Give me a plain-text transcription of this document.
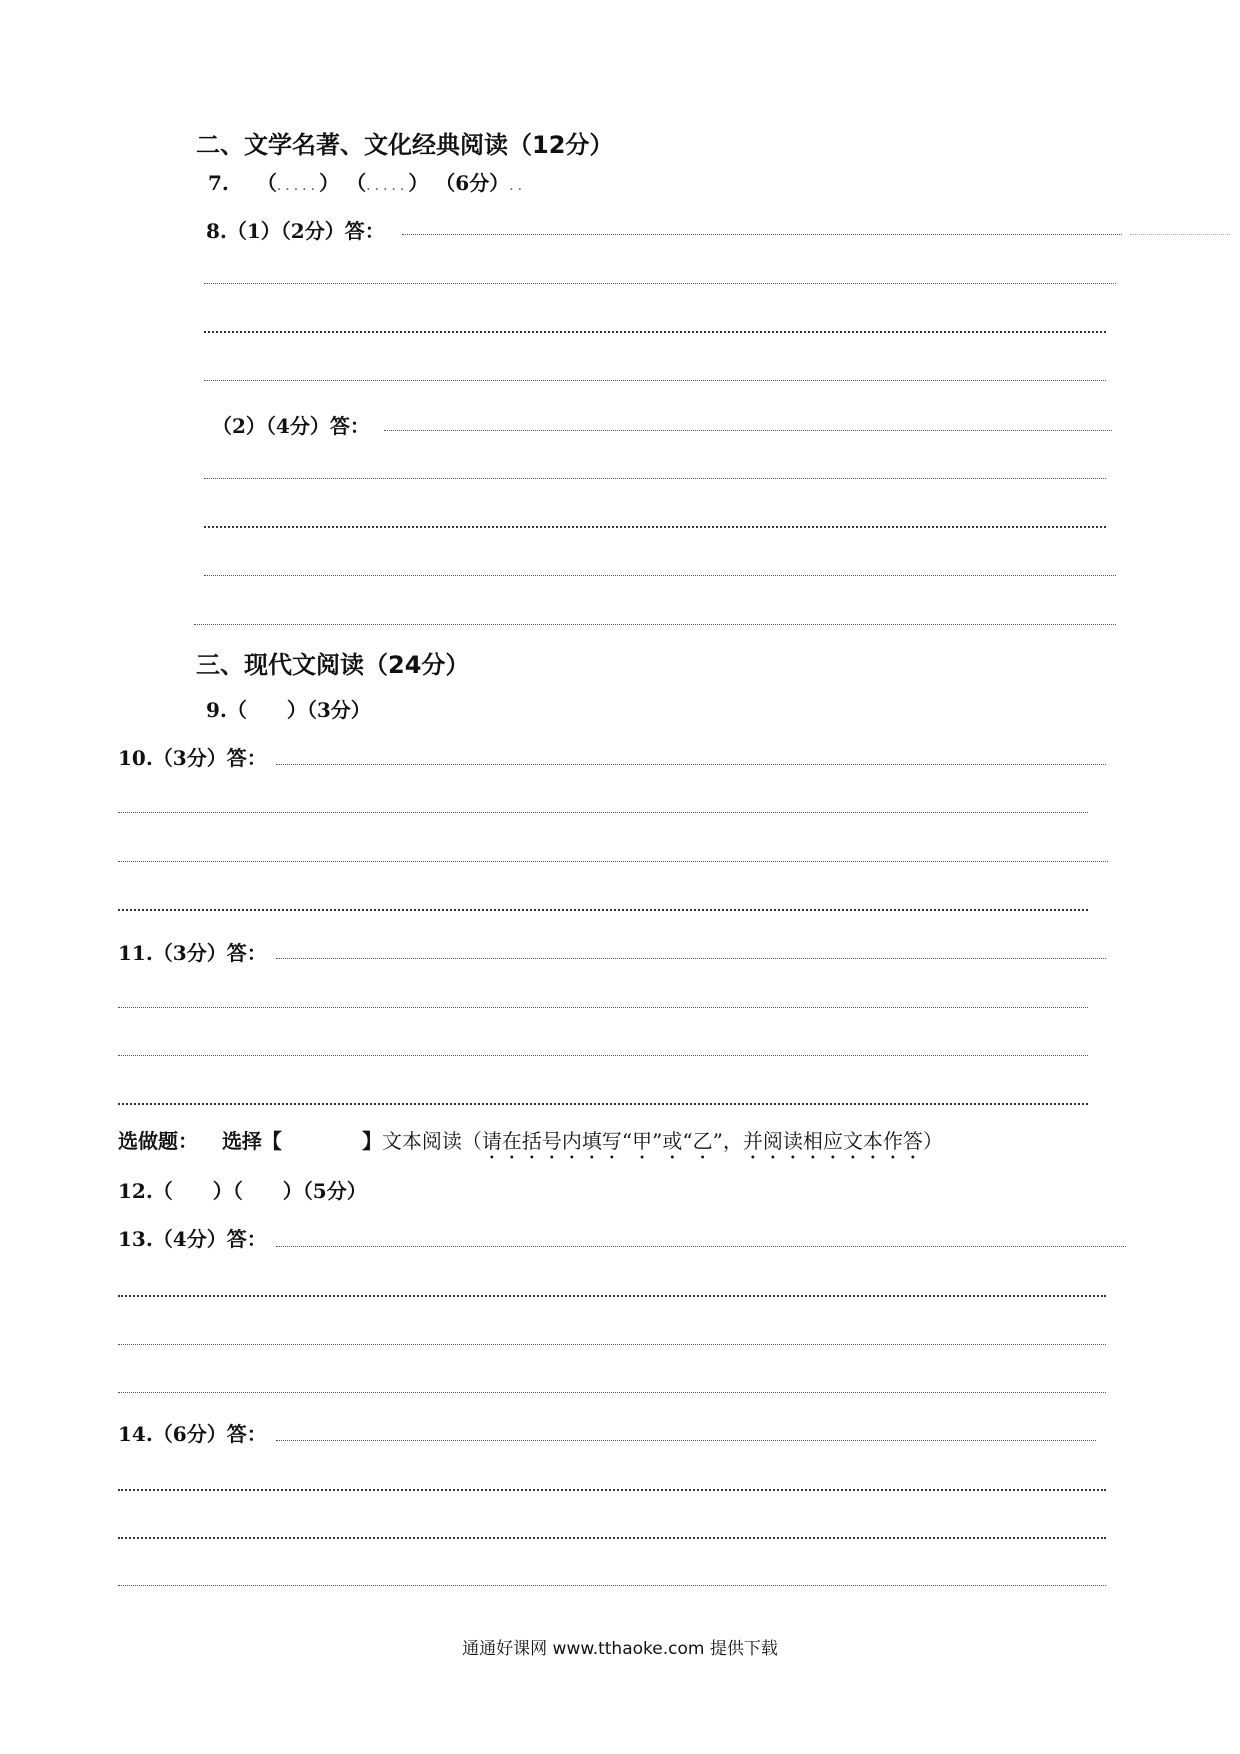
二、文学名著、文化经典阅读（12分）
7. （.....） （.....） （6分）..
8.（1）（2分）答：
（2）（4分）答：
三、现代文阅读（24分）
9.（　　）（3分）
10.（3分）答：
11.（3分）答：
选做题： 选择【	】文本阅读（请在括号内填写“甲”或“乙”，并阅读相应文本作答）
12.（　　）（　　）（5分）
13.（4分）答：
14.（6分）答：
通通好课网 www.tthaoke.com 提供下载
